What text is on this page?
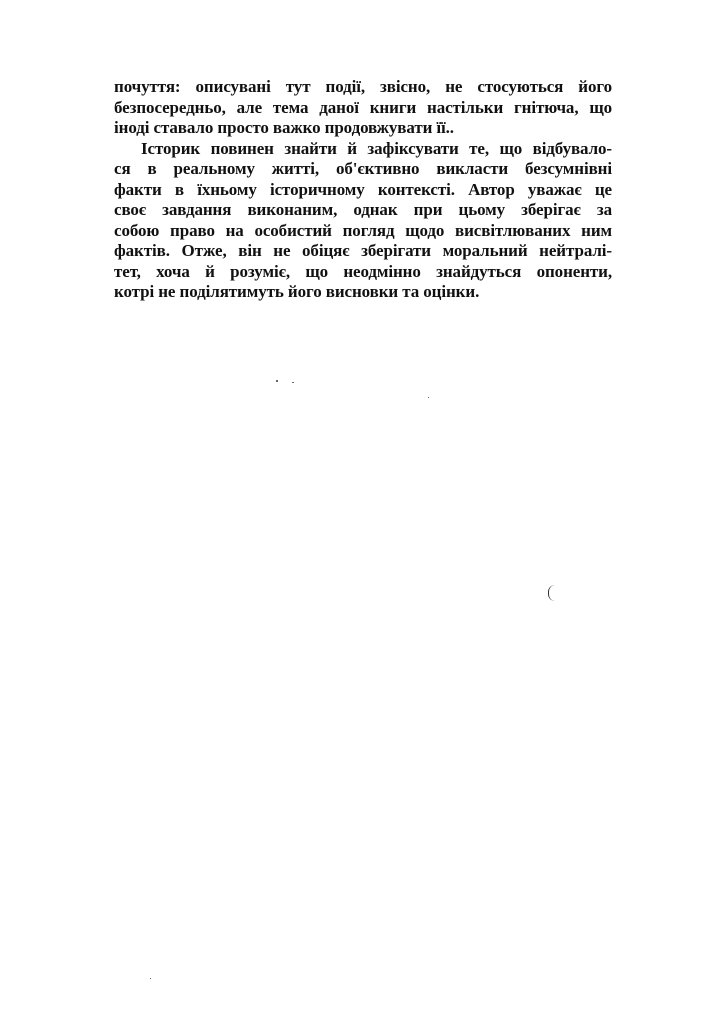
почуття: описувані тут події, звісно, не стосуються його
безпосередньо, але тема даної книги настільки гнітюча, що
іноді ставало просто важко продовжувати її..
Історик повинен знайти й зафіксувати те, що відбувало-
ся в реальному житті, об'єктивно викласти безсумнівні
факти в їхньому історичному контексті. Автор уважає це
своє завдання виконаним, однак при цьому зберігає за
собою право на особистий погляд щодо висвітлюваних ним
фактів. Отже, він не обіцяє зберігати моральний нейтралі-
тет, хоча й розуміє, що неодмінно знайдуться опоненти,
котрі не поділятимуть його висновки та оцінки.
